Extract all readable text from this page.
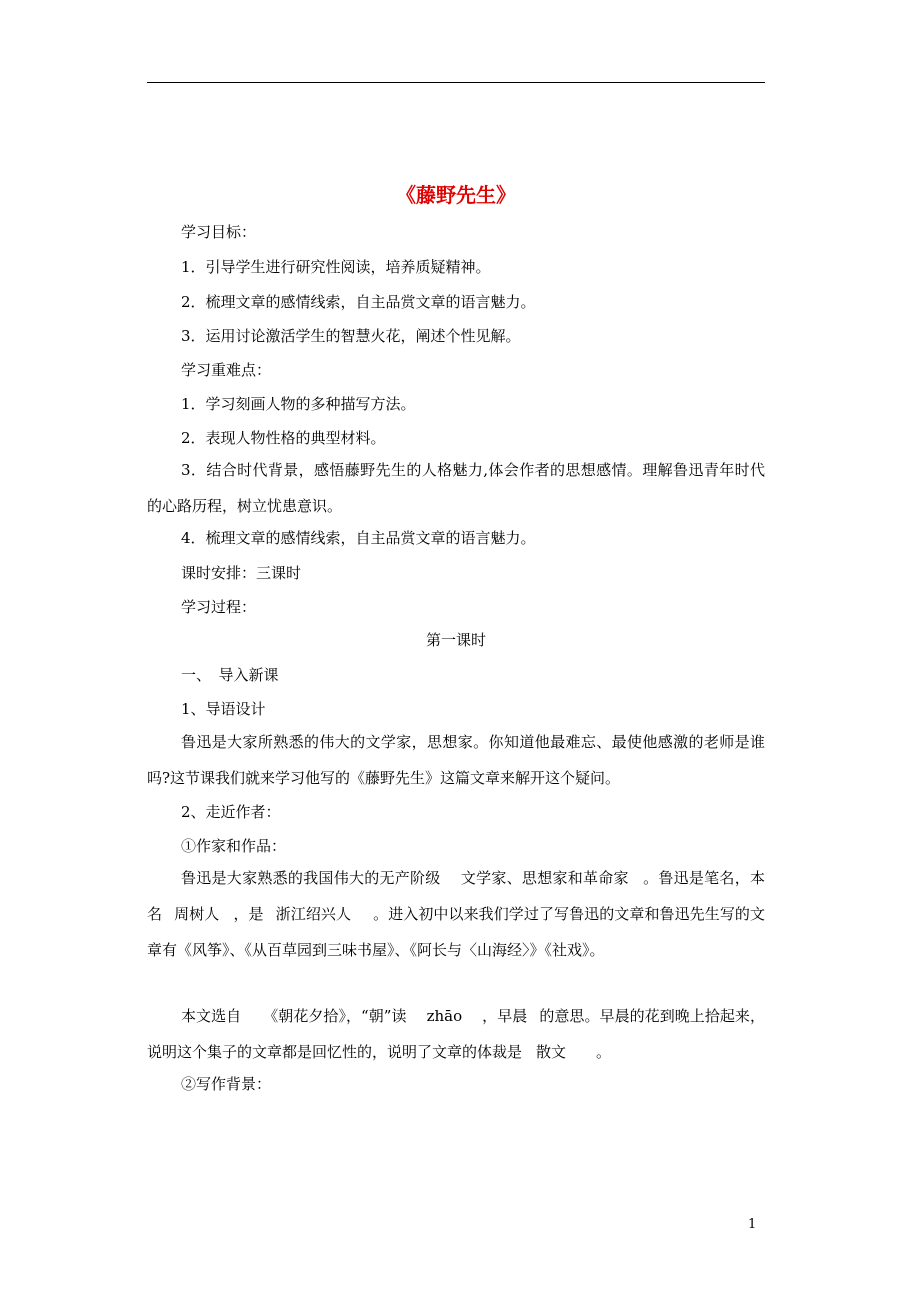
《藤野先生》
学习目标：
1．引导学生进行研究性阅读，培养质疑精神。
2．梳理文章的感情线索，自主品赏文章的语言魅力。
3．运用讨论激活学生的智慧火花，阐述个性见解。
学习重难点：
1．学习刻画人物的多种描写方法。
2．表现人物性格的典型材料。
3．结合时代背景，感悟藤野先生的人格魅力,体会作者的思想感情。理解鲁迅青年时代的心路历程，树立忧患意识。
4．梳理文章的感情线索，自主品赏文章的语言魅力。
课时安排：三课时
学习过程：
第一课时
一、　导入新课
1、导语设计
鲁迅是大家所熟悉的伟大的文学家，思想家。你知道他最难忘、最使他感激的老师是谁吗?这节课我们就来学习他写的《藤野先生》这篇文章来解开这个疑问。
2、走近作者：
①作家和作品：
鲁迅是大家熟悉的我国伟大的无产阶级 文学家、思想家和革命家 。鲁迅是笔名，本名 周树人 ，是 浙江绍兴人 。进入初中以来我们学过了写鲁迅的文章和鲁迅先生写的文章有《风筝》、《从百草园到三味书屋》、《阿长与〈山海经〉》《社戏》。
本文选自 《朝花夕拾》，“朝”读 zhāo ，早晨 的意思。早晨的花到晚上拾起来，说明这个集子的文章都是回忆性的，说明了文章的体裁是 散文 。
②写作背景：
1
